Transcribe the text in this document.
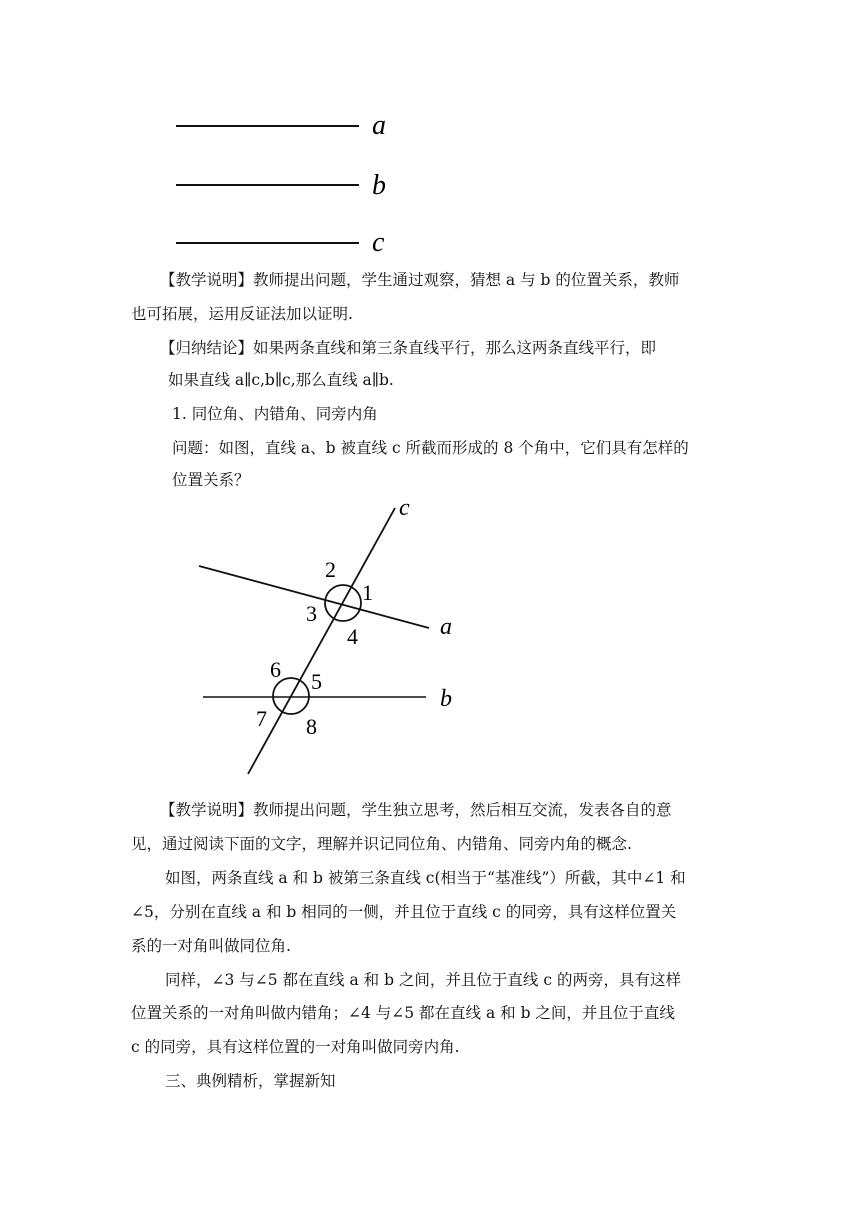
a
b
c
【教学说明】教师提出问题，学生通过观察，猜想 a 与 b 的位置关系，教师
也可拓展，运用反证法加以证明.
【归纳结论】如果两条直线和第三条直线平行，那么这两条直线平行，即
如果直线 a∥c,b∥c,那么直线 a∥b.
1. 同位角、内错角、同旁内角
问题：如图，直线 a、b 被直线 c 所截而形成的 8 个角中，它们具有怎样的
位置关系？
c
a
b
1
2
3
4
5
6
7 8
【教学说明】教师提出问题，学生独立思考，然后相互交流，发表各自的意
见，通过阅读下面的文字，理解并识记同位角、内错角、同旁内角的概念.
如图，两条直线 a 和 b 被第三条直线 c(相当于“基准线”）所截，其中∠1 和
∠5，分别在直线 a 和 b 相同的一侧，并且位于直线 c 的同旁，具有这样位置关
系的一对角叫做同位角.
同样，∠3 与∠5 都在直线 a 和 b 之间，并且位于直线 c 的两旁，具有这样
位置关系的一对角叫做内错角；∠4 与∠5 都在直线 a 和 b 之间，并且位于直线
c 的同旁，具有这样位置的一对角叫做同旁内角.
三、典例精析，掌握新知
